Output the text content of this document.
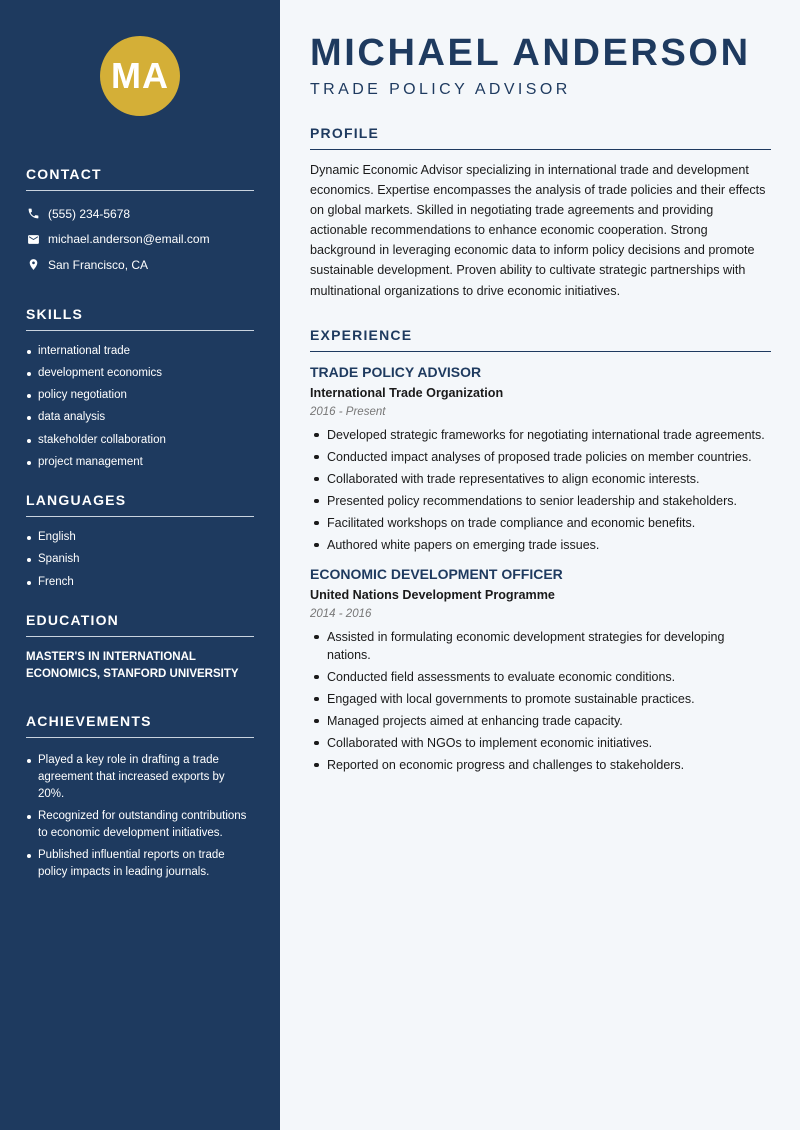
MA
CONTACT
(555) 234-5678
michael.anderson@email.com
San Francisco, CA
SKILLS
international trade
development economics
policy negotiation
data analysis
stakeholder collaboration
project management
LANGUAGES
English
Spanish
French
EDUCATION
MASTER'S IN INTERNATIONAL ECONOMICS, STANFORD UNIVERSITY
ACHIEVEMENTS
Played a key role in drafting a trade agreement that increased exports by 20%.
Recognized for outstanding contributions to economic development initiatives.
Published influential reports on trade policy impacts in leading journals.
MICHAEL ANDERSON
TRADE POLICY ADVISOR
PROFILE
Dynamic Economic Advisor specializing in international trade and development economics. Expertise encompasses the analysis of trade policies and their effects on global markets. Skilled in negotiating trade agreements and providing actionable recommendations to enhance economic cooperation. Strong background in leveraging economic data to inform policy decisions and promote sustainable development. Proven ability to cultivate strategic partnerships with multinational organizations to drive economic initiatives.
EXPERIENCE
TRADE POLICY ADVISOR
International Trade Organization
2016 - Present
Developed strategic frameworks for negotiating international trade agreements.
Conducted impact analyses of proposed trade policies on member countries.
Collaborated with trade representatives to align economic interests.
Presented policy recommendations to senior leadership and stakeholders.
Facilitated workshops on trade compliance and economic benefits.
Authored white papers on emerging trade issues.
ECONOMIC DEVELOPMENT OFFICER
United Nations Development Programme
2014 - 2016
Assisted in formulating economic development strategies for developing nations.
Conducted field assessments to evaluate economic conditions.
Engaged with local governments to promote sustainable practices.
Managed projects aimed at enhancing trade capacity.
Collaborated with NGOs to implement economic initiatives.
Reported on economic progress and challenges to stakeholders.
